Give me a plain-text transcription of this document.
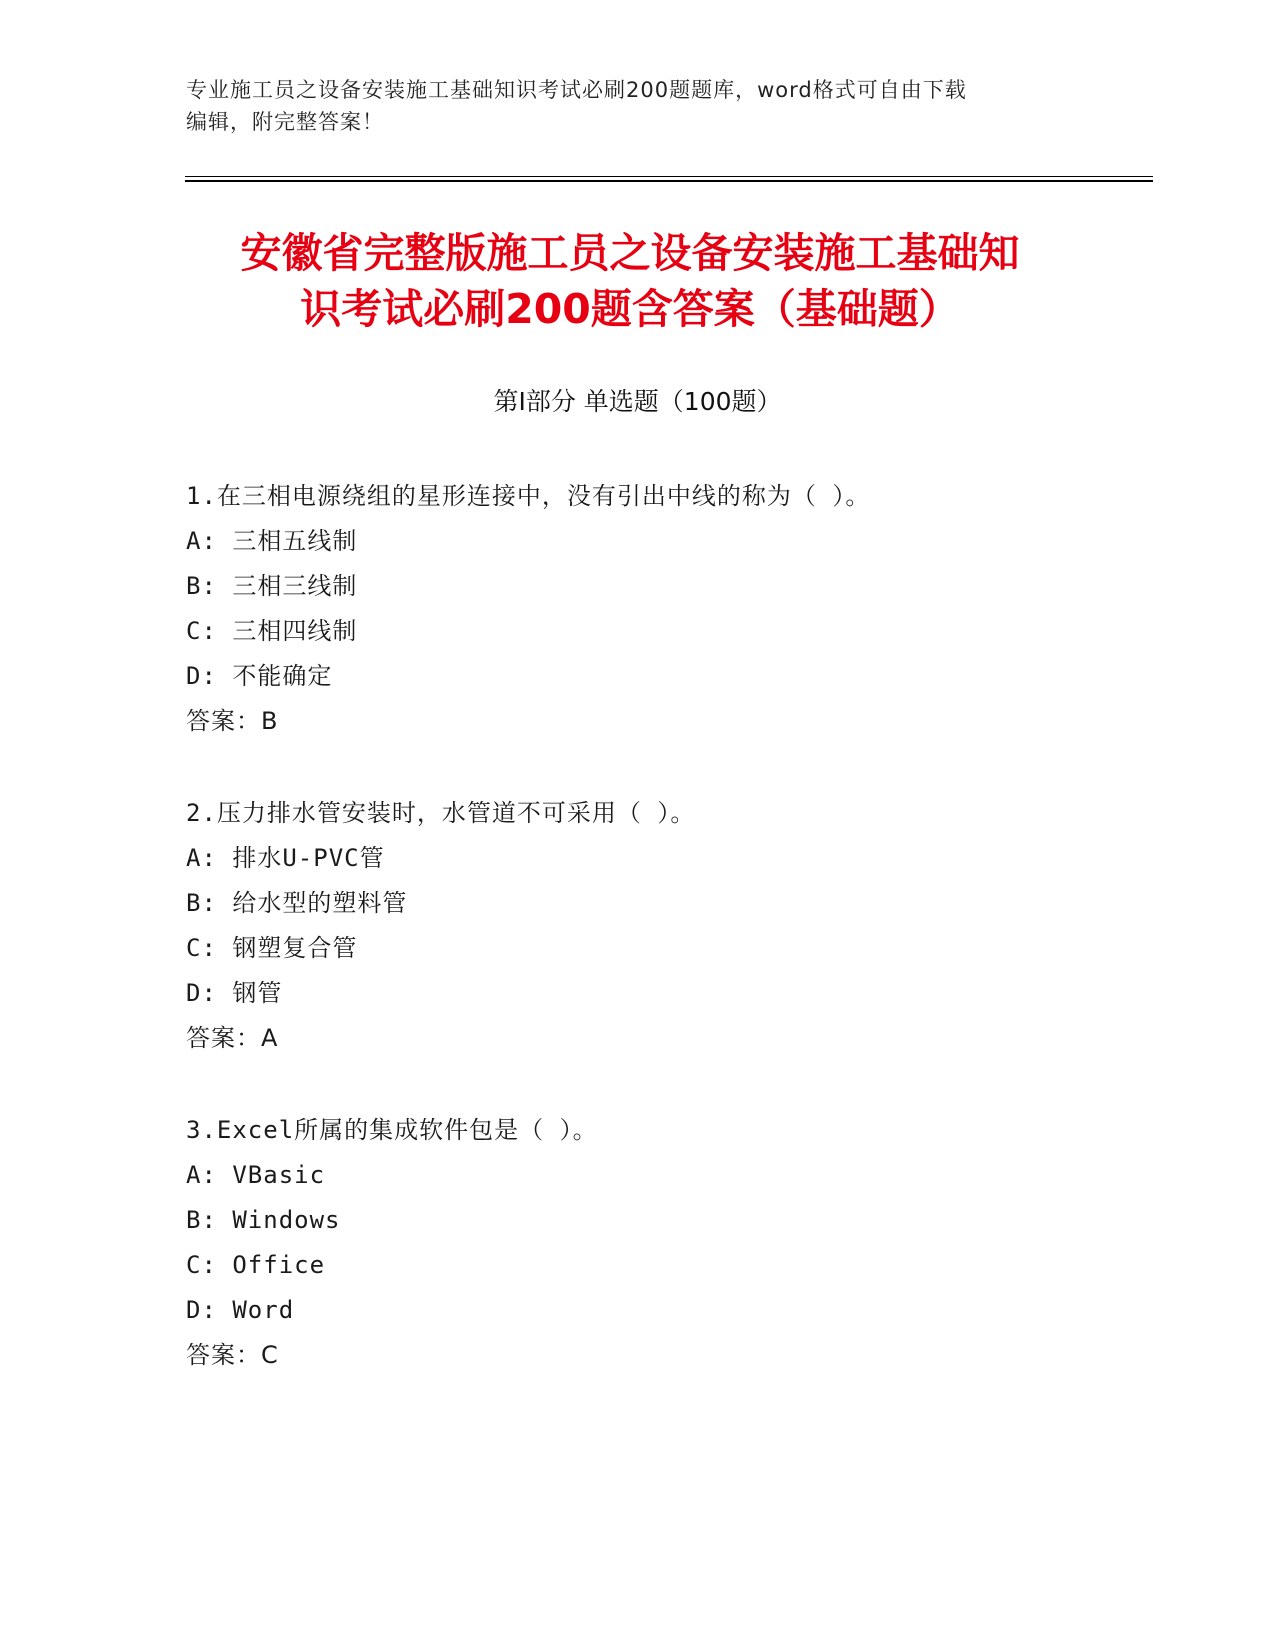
专业施工员之设备安装施工基础知识考试必刷200题题库，word格式可自由下载
编辑，附完整答案！
安徽省完整版施工员之设备安装施工基础知
识考试必刷200题含答案（基础题）
第Ⅰ部分 单选题（100题）
1.在三相电源绕组的星形连接中，没有引出中线的称为（ ）。
A: 三相五线制
B: 三相三线制
C: 三相四线制
D: 不能确定
答案：B
2.压力排水管安装时，水管道不可采用（ ）。
A: 排水U-PVC管
B: 给水型的塑料管
C: 钢塑复合管
D: 钢管
答案：A
3.Excel所属的集成软件包是（ ）。
A: VBasic
B: Windows
C: Office
D: Word
答案：C
